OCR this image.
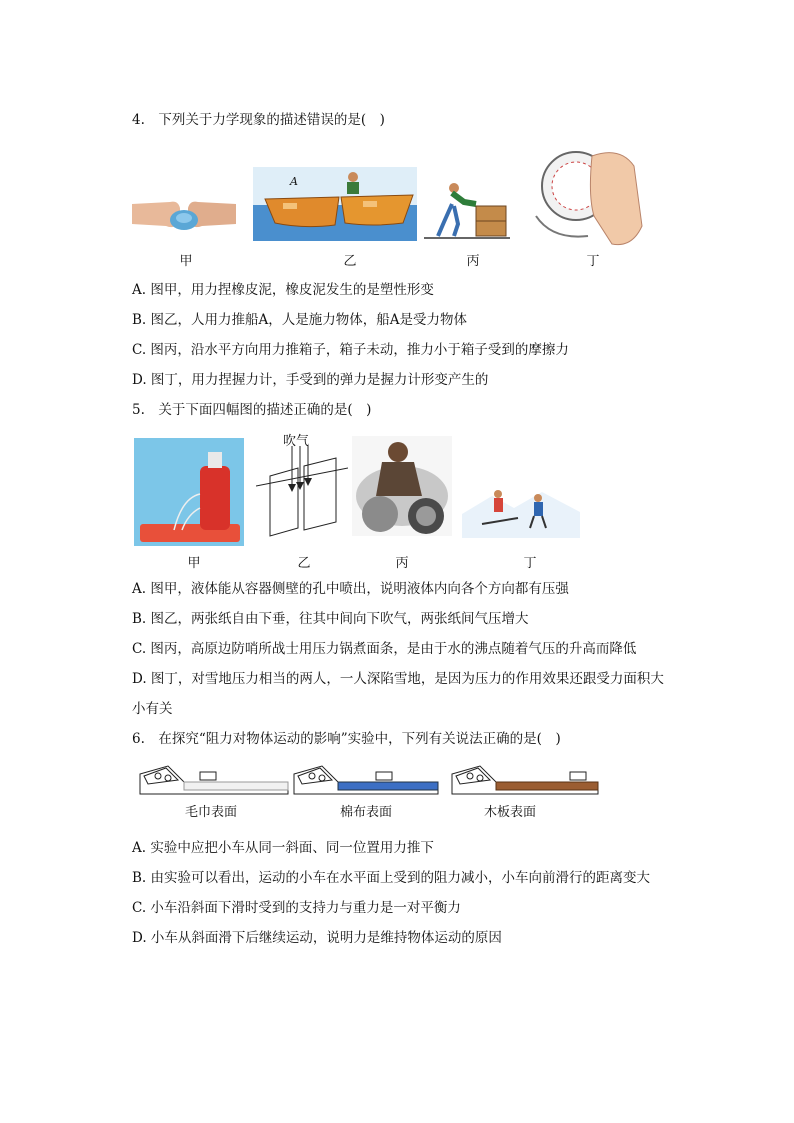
4.　下列关于力学现象的描述错误的是(　)
甲
A
乙	丙	丁
A. 图甲，用力捏橡皮泥，橡皮泥发生的是塑性形变
B. 图乙，人用力推船A，人是施力物体，船A是受力物体
C. 图丙，沿水平方向用力推箱子，箱子未动，推力小于箱子受到的摩擦力
D. 图丁，用力捏握力计，手受到的弹力是握力计形变产生的
5.　关于下面四幅图的描述正确的是(　)
甲
吹气
乙	丙	丁
A. 图甲，液体能从容器侧壁的孔中喷出，说明液体内向各个方向都有压强
B. 图乙，两张纸自由下垂，往其中间向下吹气，两张纸间气压增大
C. 图丙，高原边防哨所战士用压力锅煮面条，是由于水的沸点随着气压的升高而降低
D. 图丁，对雪地压力相当的两人，一人深陷雪地，是因为压力的作用效果还跟受力面积大
小有关
6.　在探究“阻力对物体运动的影响”实验中，下列有关说法正确的是(　)
毛巾表面	棉布表面	木板表面
A. 实验中应把小车从同一斜面、同一位置用力推下
B. 由实验可以看出，运动的小车在水平面上受到的阻力减小，小车向前滑行的距离变大
C. 小车沿斜面下滑时受到的支持力与重力是一对平衡力
D. 小车从斜面滑下后继续运动，说明力是维持物体运动的原因
